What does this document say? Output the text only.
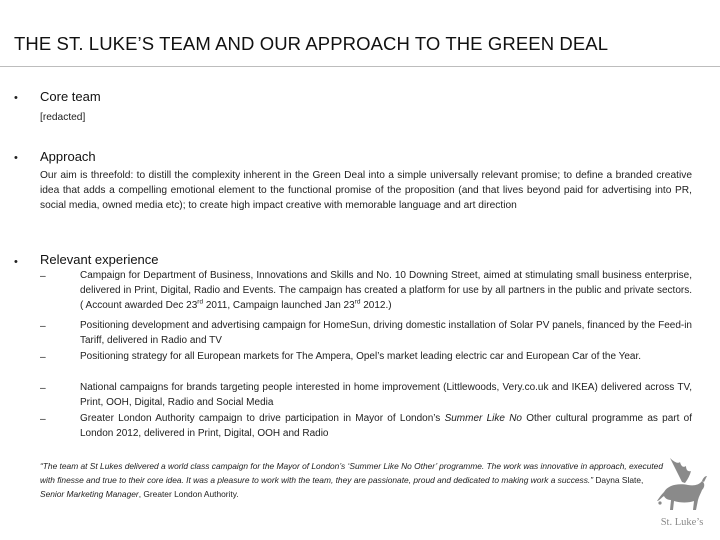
THE ST. LUKE’S TEAM AND OUR APPROACH TO THE GREEN DEAL
• Core team
[redacted]
• Approach
Our aim is threefold: to distill the complexity inherent in the Green Deal into a simple universally relevant promise; to define a branded creative idea that adds a compelling emotional element to the functional promise of the proposition (and that lives beyond paid for advertising into PR, social media, owned media etc); to create high impact creative with memorable language and art direction
• Relevant experience
–	Campaign for Department of Business, Innovations and Skills and No. 10 Downing Street, aimed at stimulating small business enterprise, delivered in Print, Digital, Radio and Events. The campaign has created a platform for use by all partners in the public and private sectors. ( Account awarded Dec 23rd 2011, Campaign launched Jan 23rd 2012.)
–	Positioning development and advertising campaign for HomeSun, driving domestic installation of Solar PV panels, financed by the Feed-in Tariff, delivered in Radio and TV
–	Positioning strategy for all European markets for The Ampera, Opel’s market leading electric car and European Car of the Year.
–	National campaigns for brands targeting people interested in home improvement (Littlewoods, Very.co.uk and IKEA) delivered across TV, Print, OOH, Digital, Radio and Social Media
–	Greater London Authority campaign to drive participation in Mayor of London’s Summer Like No Other cultural programme as part of London 2012, delivered in Print, Digital, OOH and Radio
“The team at St Lukes delivered a world class campaign for the Mayor of London’s ‘Summer Like No Other’ programme. The work was innovative in approach, executed with finesse and true to their core idea. It was a pleasure to work with the team, they are passionate, proud and dedicated to making work a success.” Dayna Slate, Senior Marketing Manager, Greater London Authority.
St. Luke’s
